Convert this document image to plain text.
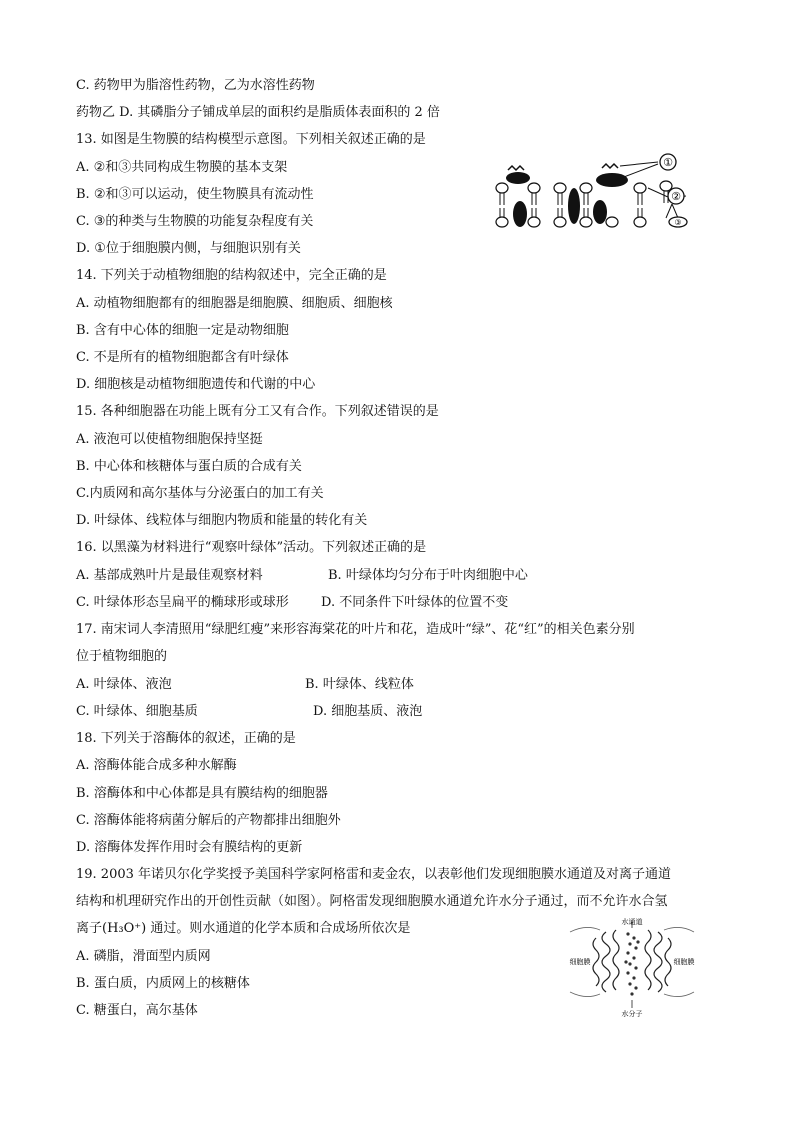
C. 药物甲为脂溶性药物，乙为水溶性药物
药物乙 D. 其磷脂分子铺成单层的面积约是脂质体表面积的 2 倍
13. 如图是生物膜的结构模型示意图。下列相关叙述正确的是
A. ②和③共同构成生物膜的基本支架
B. ②和③可以运动，使生物膜具有流动性
C. ③的种类与生物膜的功能复杂程度有关
D. ①位于细胞膜内侧，与细胞识别有关
14. 下列关于动植物细胞的结构叙述中，完全正确的是
A. 动植物细胞都有的细胞器是细胞膜、细胞质、细胞核
B. 含有中心体的细胞一定是动物细胞
C. 不是所有的植物细胞都含有叶绿体
D. 细胞核是动植物细胞遗传和代谢的中心
15. 各种细胞器在功能上既有分工又有合作。下列叙述错误的是
A. 液泡可以使植物细胞保持坚挺
B. 中心体和核糖体与蛋白质的合成有关
C.内质网和高尔基体与分泌蛋白的加工有关
D. 叶绿体、线粒体与细胞内物质和能量的转化有关
16. 以黑藻为材料进行“观察叶绿体”活动。下列叙述正确的是
A. 基部成熟叶片是最佳观察材料	B. 叶绿体均匀分布于叶肉细胞中心
C. 叶绿体形态呈扁平的椭球形或球形 D. 不同条件下叶绿体的位置不变
17. 南宋词人李清照用“绿肥红瘦”来形容海棠花的叶片和花，造成叶“绿”、花“红”的相关色素分别
位于植物细胞的
A. 叶绿体、液泡	B. 叶绿体、线粒体
C. 叶绿体、细胞基质	D. 细胞基质、液泡
18. 下列关于溶酶体的叙述，正确的是
A. 溶酶体能合成多种水解酶
B. 溶酶体和中心体都是具有膜结构的细胞器
C. 溶酶体能将病菌分解后的产物都排出细胞外
D. 溶酶体发挥作用时会有膜结构的更新
19. 2003 年诺贝尔化学奖授予美国科学家阿格雷和麦金农，以表彰他们发现细胞膜水通道及对离子通道
结构和机理研究作出的开创性贡献（如图）。阿格雷发现细胞膜水通道允许水分子通过，而不允许水合氢
离子(H₃O⁺) 通过。则水通道的化学本质和合成场所依次是
A. 磷脂，滑面型内质网
B. 蛋白质，内质网上的核糖体
C. 糖蛋白，高尔基体
①
②
③
水通道
细胞膜	细胞膜
水分子
